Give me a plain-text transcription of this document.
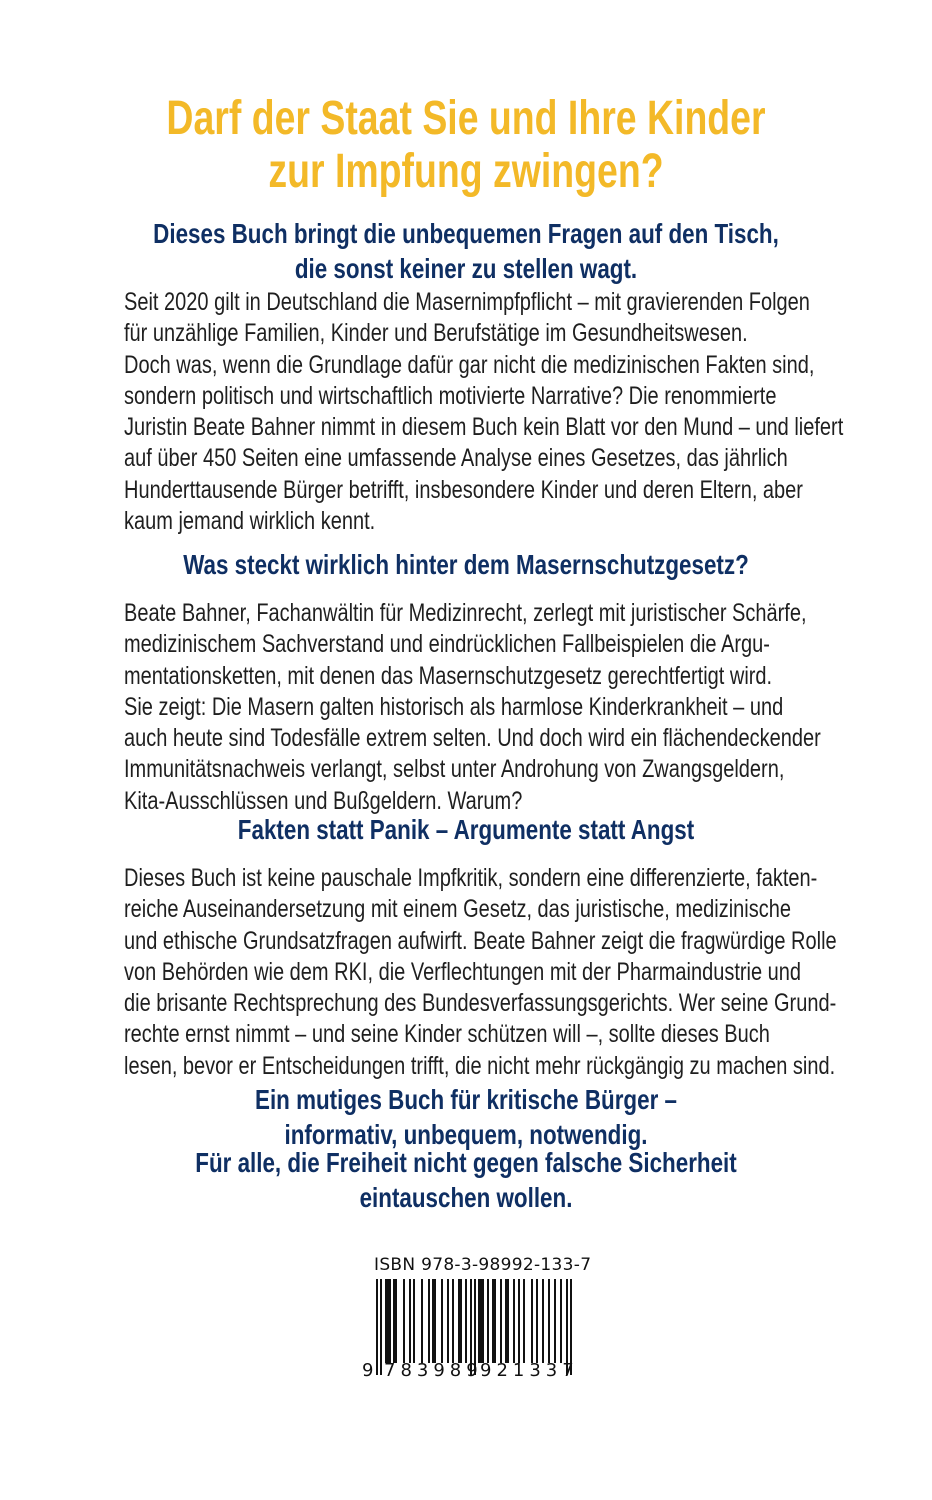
Darf der Staat Sie und Ihre Kinder
zur Impfung zwingen?
Dieses Buch bringt die unbequemen Fragen auf den Tisch,
die sonst keiner zu stellen wagt.
Seit 2020 gilt in Deutschland die Masernimpfpflicht – mit gravierenden Folgen
für unzählige Familien, Kinder und Berufstätige im Gesundheitswesen.
Doch was, wenn die Grundlage dafür gar nicht die medizinischen Fakten sind,
sondern politisch und wirtschaftlich motivierte Narrative? Die renommierte
Juristin Beate Bahner nimmt in diesem Buch kein Blatt vor den Mund – und liefert
auf über 450 Seiten eine umfassende Analyse eines Gesetzes, das jährlich
Hunderttausende Bürger betrifft, insbesondere Kinder und deren Eltern, aber
kaum jemand wirklich kennt.
Was steckt wirklich hinter dem Masernschutzgesetz?
Beate Bahner, Fachanwältin für Medizinrecht, zerlegt mit juristischer Schärfe,
medizinischem Sachverstand und eindrücklichen Fallbeispielen die Argu-
mentationsketten, mit denen das Masernschutzgesetz gerechtfertigt wird.
Sie zeigt: Die Masern galten historisch als harmlose Kinderkrankheit – und
auch heute sind Todesfälle extrem selten. Und doch wird ein flächendeckender
Immunitätsnachweis verlangt, selbst unter Androhung von Zwangsgeldern,
Kita-Ausschlüssen und Bußgeldern. Warum?
Fakten statt Panik – Argumente statt Angst
Dieses Buch ist keine pauschale Impfkritik, sondern eine differenzierte, fakten-
reiche Auseinandersetzung mit einem Gesetz, das juristische, medizinische
und ethische Grundsatzfragen aufwirft. Beate Bahner zeigt die fragwürdige Rolle
von Behörden wie dem RKI, die Verflechtungen mit der Pharmaindustrie und
die brisante Rechtsprechung des Bundesverfassungsgerichts. Wer seine Grund-
rechte ernst nimmt – und seine Kinder schützen will –, sollte dieses Buch
lesen, bevor er Entscheidungen trifft, die nicht mehr rückgängig zu machen sind.
Ein mutiges Buch für kritische Bürger –
informativ, unbequem, notwendig.
Für alle, die Freiheit nicht gegen falsche Sicherheit
eintauschen wollen.
ISBN 978-3-98992-133-7
9 783989
921337
